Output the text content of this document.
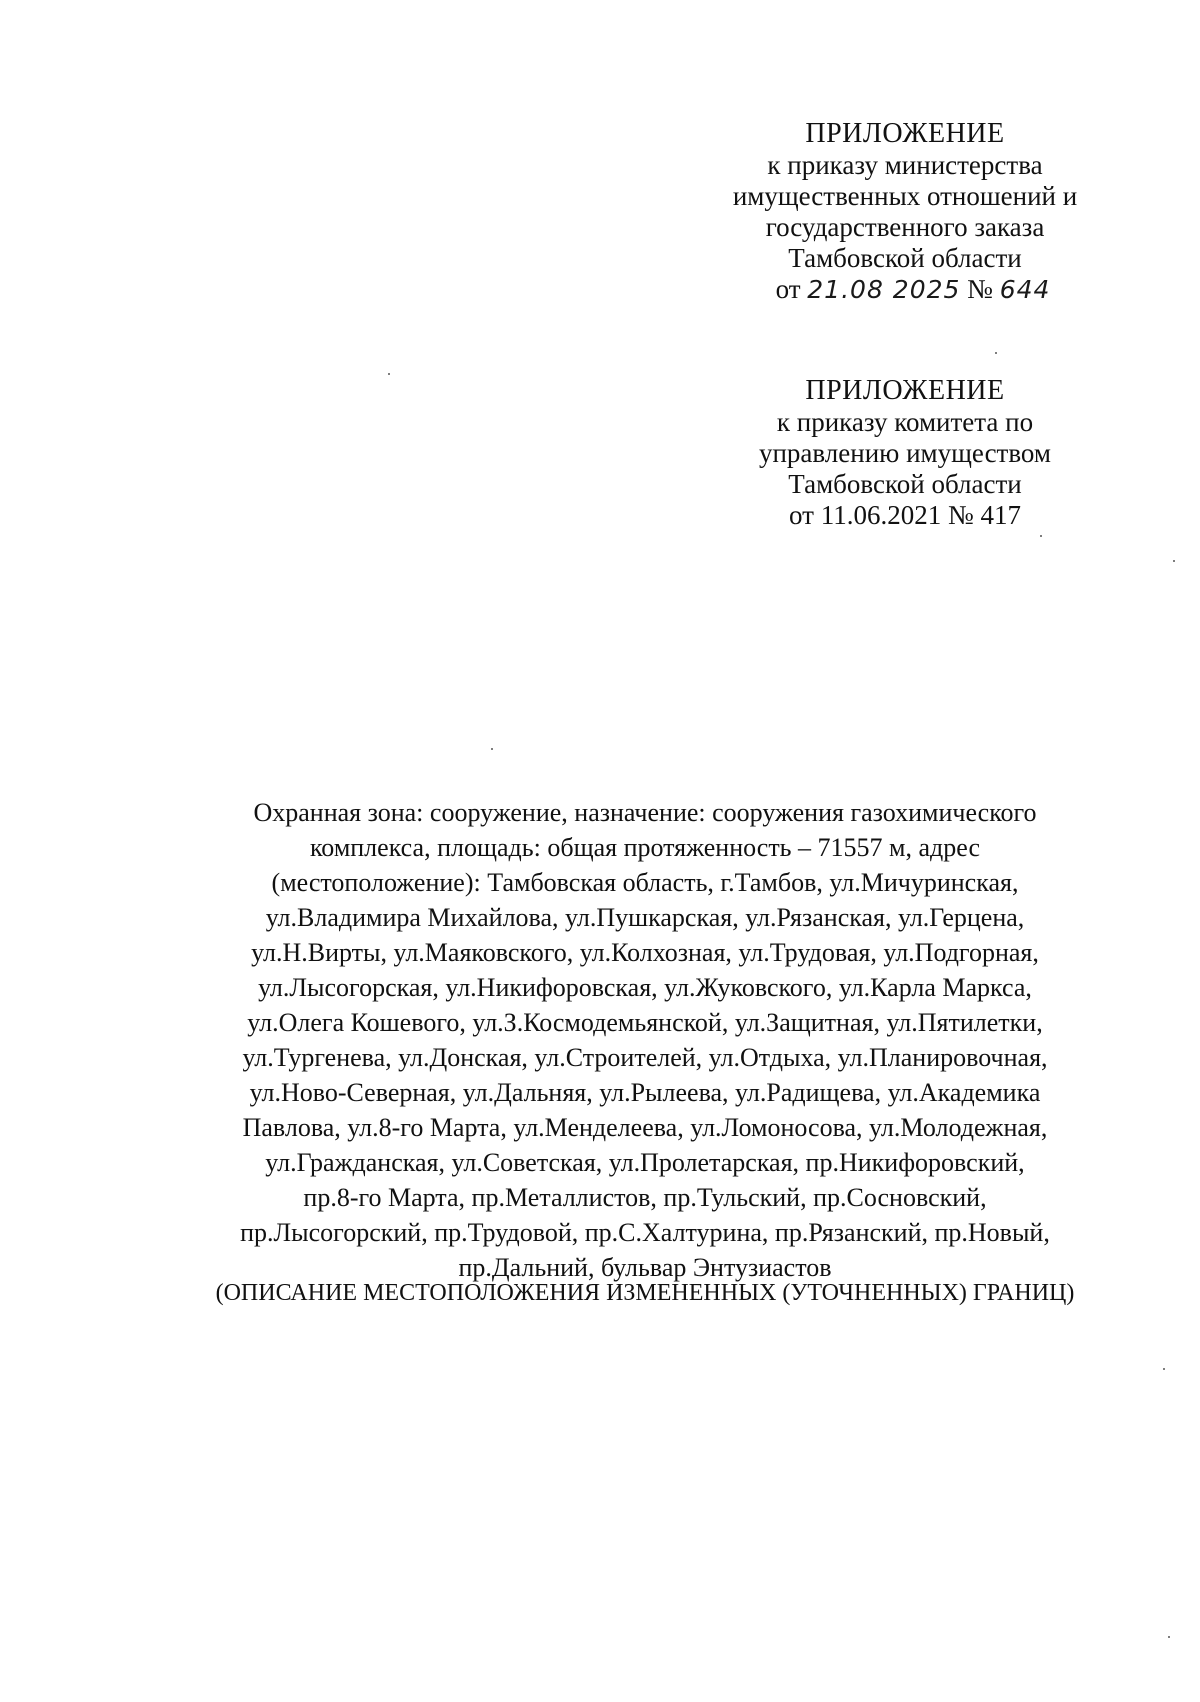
ПРИЛОЖЕНИЕ
к приказу министерства
имущественных отношений и
государственного заказа
Тамбовской области
от 21.08 2025 № 644
ПРИЛОЖЕНИЕ
к приказу комитета по
управлению имуществом
Тамбовской области
от 11.06.2021 № 417
Охранная зона: сооружение, назначение: сооружения газохимического
комплекса, площадь: общая протяженность – 71557 м, адрес
(местоположение): Тамбовская область, г.Тамбов, ул.Мичуринская,
ул.Владимира Михайлова, ул.Пушкарская, ул.Рязанская, ул.Герцена,
ул.Н.Вирты, ул.Маяковского, ул.Колхозная, ул.Трудовая, ул.Подгорная,
ул.Лысогорская, ул.Никифоровская, ул.Жуковского, ул.Карла Маркса,
ул.Олега Кошевого, ул.З.Космодемьянской, ул.Защитная, ул.Пятилетки,
ул.Тургенева, ул.Донская, ул.Строителей, ул.Отдыха, ул.Планировочная,
ул.Ново-Северная, ул.Дальняя, ул.Рылеева, ул.Радищева, ул.Академика
Павлова, ул.8-го Марта, ул.Менделеева, ул.Ломоносова, ул.Молодежная,
ул.Гражданская, ул.Советская, ул.Пролетарская, пр.Никифоровский,
пр.8-го Марта, пр.Металлистов, пр.Тульский, пр.Сосновский,
пр.Лысогорский, пр.Трудовой, пр.С.Халтурина, пр.Рязанский, пр.Новый,
пр.Дальний, бульвар Энтузиастов
(ОПИСАНИЕ МЕСТОПОЛОЖЕНИЯ ИЗМЕНЕННЫХ (УТОЧНЕННЫХ) ГРАНИЦ)
